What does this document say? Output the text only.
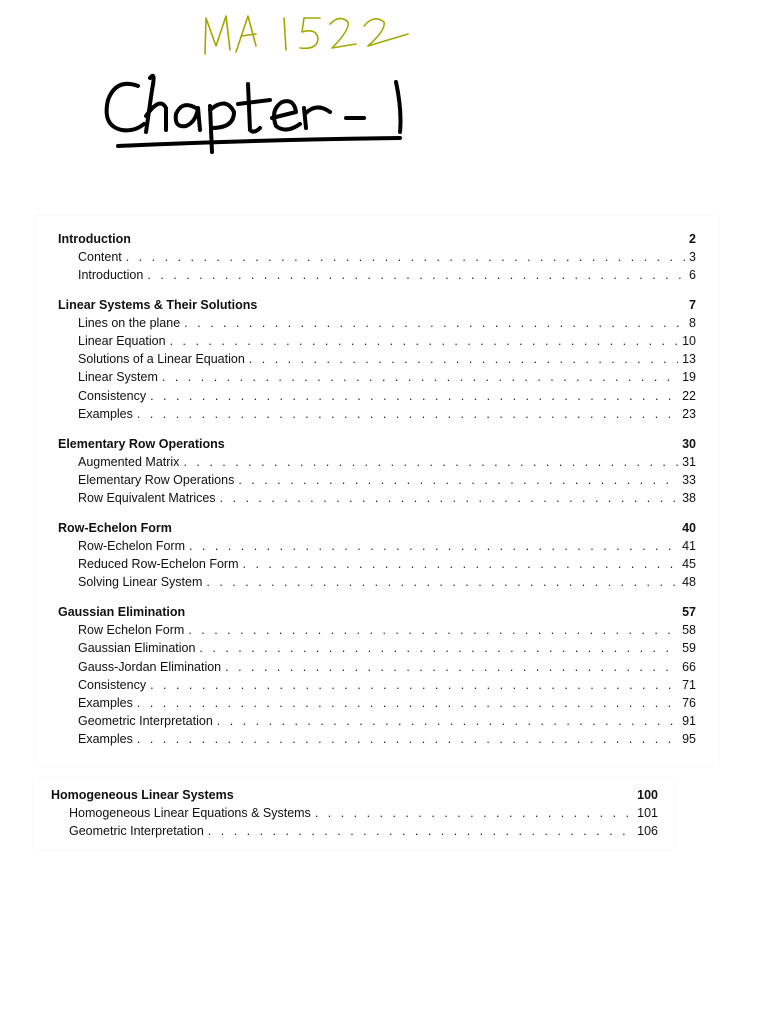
Introduction	2
Content . . .	3
Introduction . . .	6
Linear Systems & Their Solutions	7
Lines on the plane . . .	8
Linear Equation . . .	10
Solutions of a Linear Equation . . .	13
Linear System . . .	19
Consistency . . .	22
Examples . . .	23
Elementary Row Operations	30
Augmented Matrix . . .	31
Elementary Row Operations . . .	33
Row Equivalent Matrices . . .	38
Row-Echelon Form	40
Row-Echelon Form . . .	41
Reduced Row-Echelon Form . . .	45
Solving Linear System . . .	48
Gaussian Elimination	57
Row Echelon Form . . .	58
Gaussian Elimination . . .	59
Gauss-Jordan Elimination . . .	66
Consistency . . .	71
Examples . . .	76
Geometric Interpretation . . .	91
Examples . . .	95
Homogeneous Linear Systems	100
Homogeneous Linear Equations & Systems . . .	101
Geometric Interpretation . . .	106
